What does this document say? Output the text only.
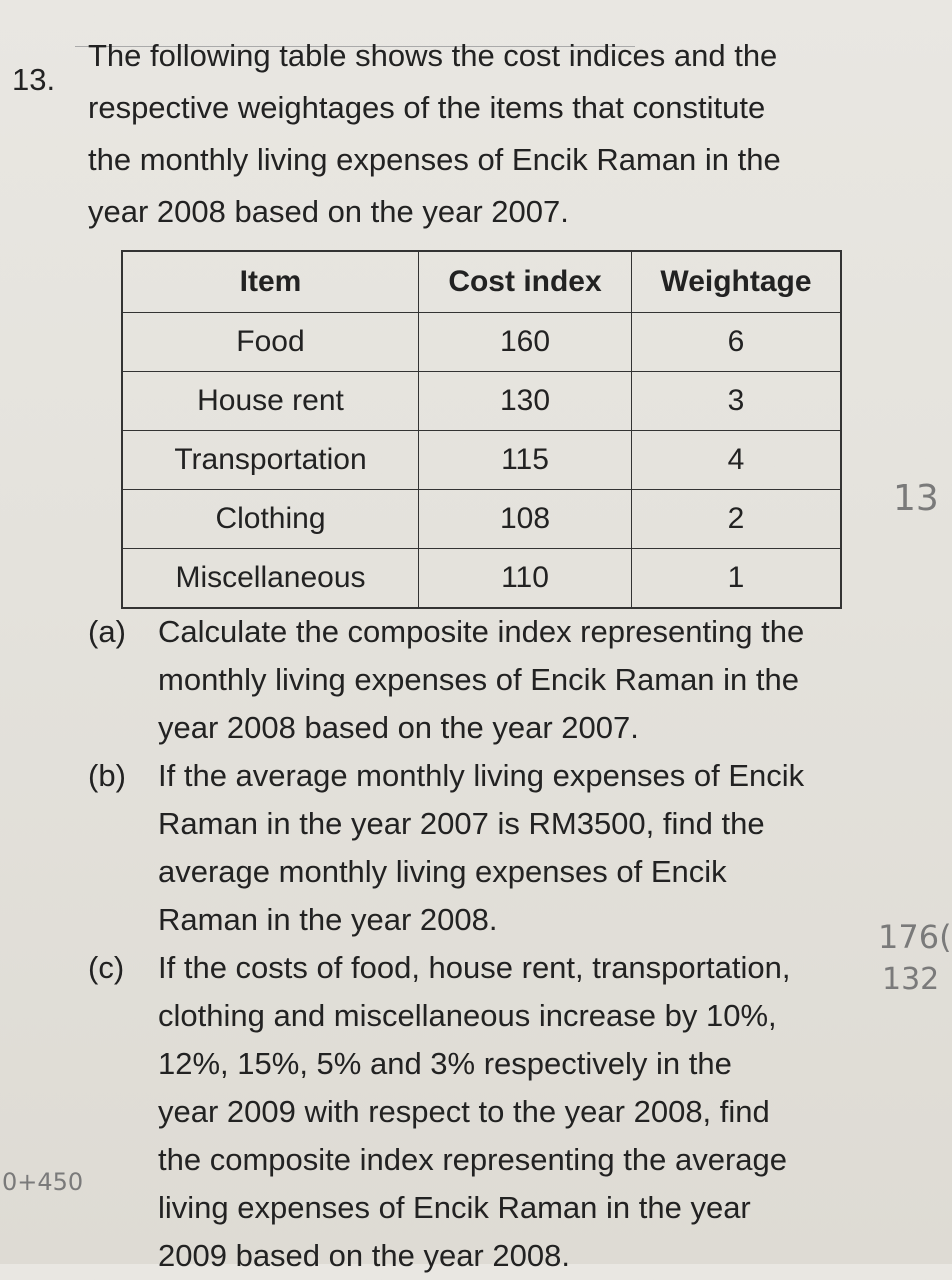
13.
The following table shows the cost indices and the
respective weightages of the items that constitute
the monthly living expenses of Encik Raman in the
year 2008 based on the year 2007.
Item	Cost index	Weightage
Food	160	6
House rent	130	3
Transportation	115	4
Clothing	108	2
Miscellaneous	110	1
(a)	Calculate the composite index representing the
monthly living expenses of Encik Raman in the
year 2008 based on the year 2007.
(b)	If the average monthly living expenses of Encik
Raman in the year 2007 is RM3500, find the
average monthly living expenses of Encik
Raman in the year 2008.
(c)	If the costs of food, house rent, transportation,
clothing and miscellaneous increase by 10%,
12%, 15%, 5% and 3% respectively in the
year 2009 with respect to the year 2008, find
the composite index representing the average
living expenses of Encik Raman in the year
2009 based on the year 2008.
13
176(
132
0+450
